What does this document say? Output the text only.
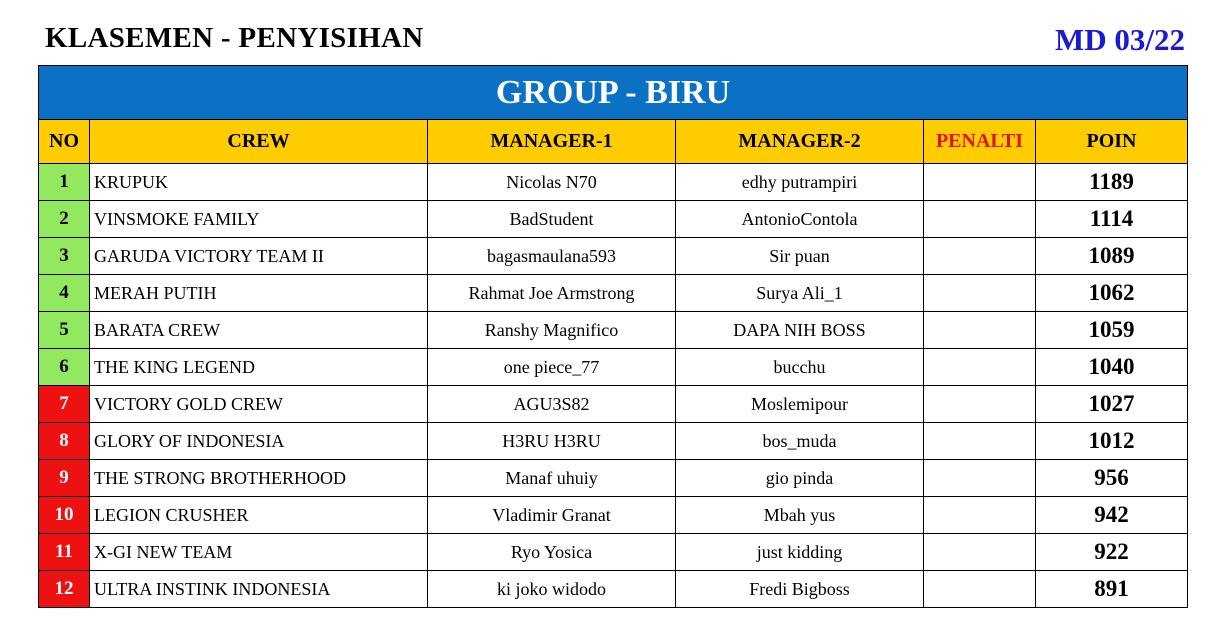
KLASEMEN - PENYISIHAN	MD 03/22
GROUP - BIRU					
NO	CREW	MANAGER-1	MANAGER-2	PENALTI	POIN
1	KRUPUK	Nicolas N70	edhy putrampiri		1189
2	VINSMOKE FAMILY	BadStudent	AntonioContola		1114
3	GARUDA VICTORY TEAM II	bagasmaulana593	Sir puan		1089
4	MERAH PUTIH	Rahmat Joe Armstrong	Surya Ali_1		1062
5	BARATA CREW	Ranshy Magnifico	DAPA NIH BOSS		1059
6	THE KING LEGEND	one piece_77	bucchu		1040
7	VICTORY GOLD CREW	AGU3S82	Moslemipour		1027
8	GLORY OF INDONESIA	H3RU H3RU	bos_muda		1012
9	THE STRONG BROTHERHOOD	Manaf uhuiy	gio pinda		956
10	LEGION CRUSHER	Vladimir Granat	Mbah yus		942
11	X-GI NEW TEAM	Ryo Yosica	just kidding		922
12	ULTRA INSTINK INDONESIA	ki joko widodo	Fredi Bigboss		891
